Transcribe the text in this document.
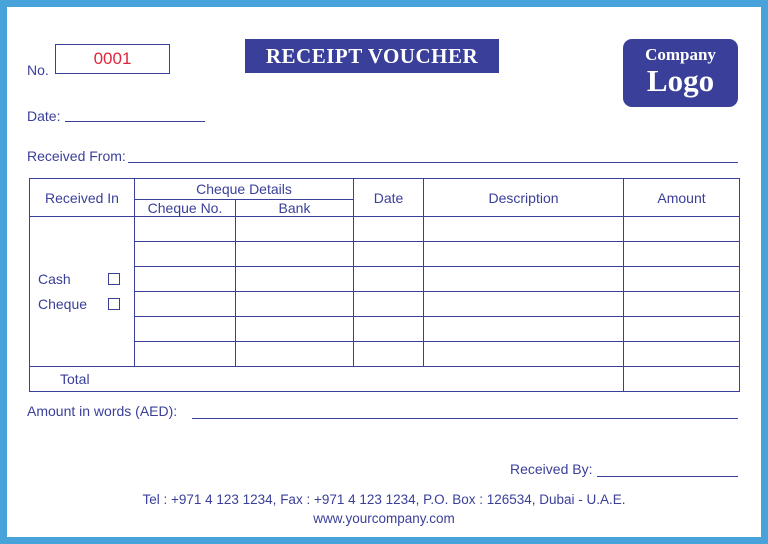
No.
0001	RECEIPT VOUCHER	Company
Logo
Date:
Received From:
Received In	Cheque Details		Date	Description	Amount
	Cheque No.	Bank			

Cash
Cheque					

Total					
Amount in words (AED):
Received By:
Tel : +971 4 123 1234, Fax : +971 4 123 1234, P.O. Box : 126534, Dubai - U.A.E.
www.yourcompany.com
